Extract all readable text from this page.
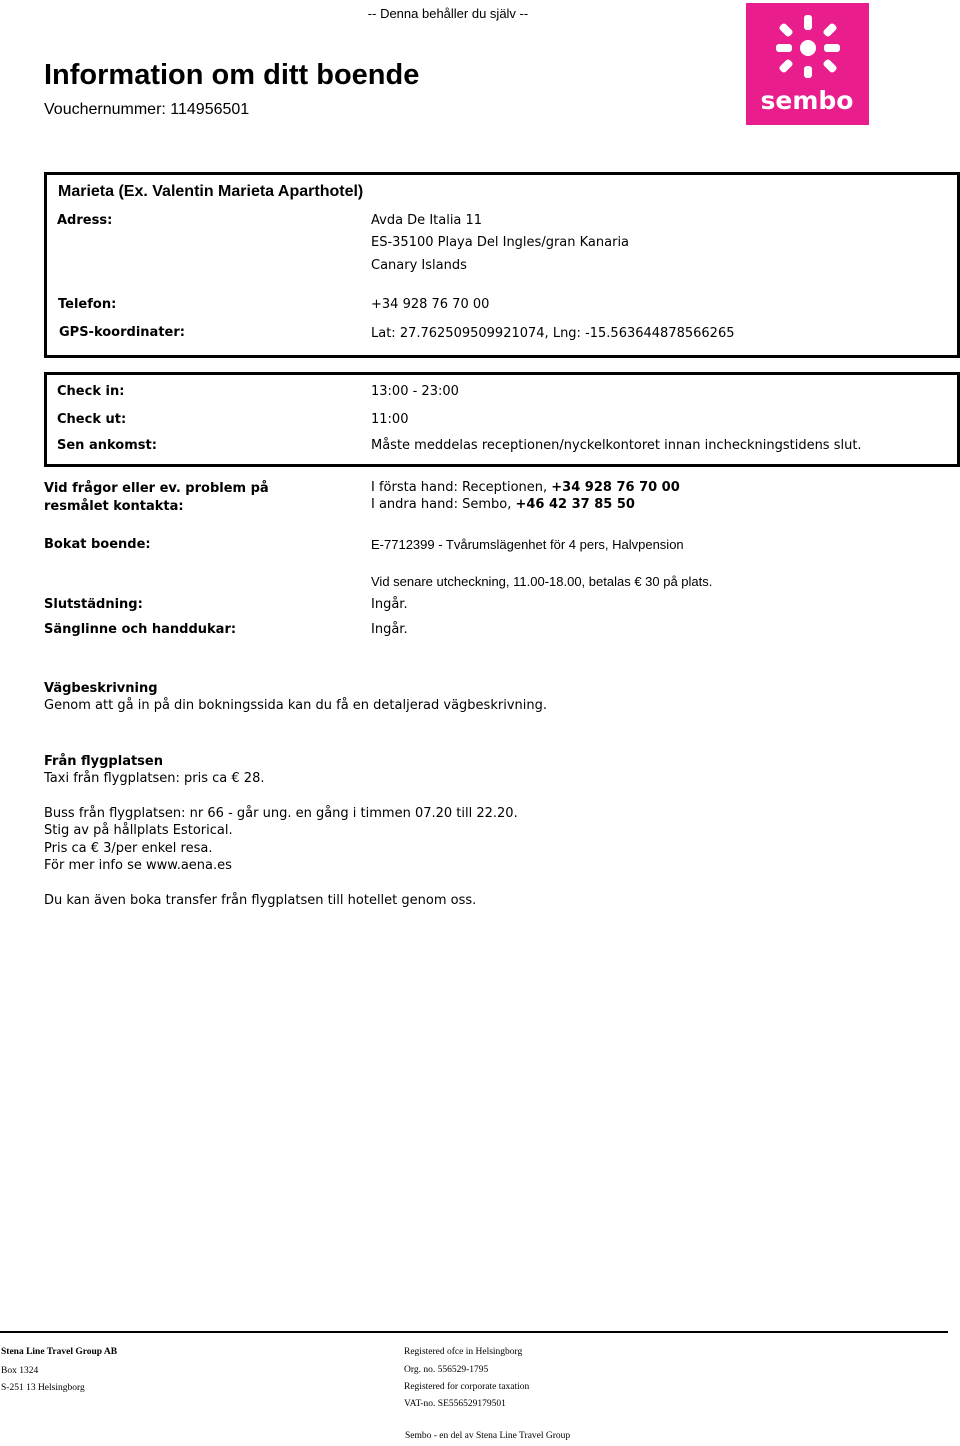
-- Denna behåller du själv --
Information om ditt boende
Vouchernummer: 114956501	sembo
Marieta (Ex. Valentin Marieta Aparthotel)
Adress:	Avda De Italia 11
ES-35100 Playa Del Ingles/gran Kanaria
Canary Islands
Telefon:	+34 928 76 70 00
GPS-koordinater:	Lat: 27.762509509921074, Lng: -15.563644878566265
Check in:	13:00 - 23:00
Check ut:	11:00
Sen ankomst:	Måste meddelas receptionen/nyckelkontoret innan incheckningstidens slut.
Vid frågor eller ev. problem på
resmålet kontakta:
I första hand: Receptionen, +34 928 76 70 00
I andra hand: Sembo, +46 42 37 85 50
Bokat boende:	E-7712399 - Tvårumslägenhet för 4 pers, Halvpension
Vid senare utcheckning, 11.00-18.00, betalas € 30 på plats.
Slutstädning:	Ingår.
Sänglinne och handdukar:	Ingår.
Vägbeskrivning
Genom att gå in på din bokningssida kan du få en detaljerad vägbeskrivning.
Från flygplatsen
Taxi från flygplatsen: pris ca € 28.
Buss från flygplatsen: nr 66 - går ung. en gång i timmen 07.20 till 22.20.
Stig av på hållplats Estorical.
Pris ca € 3/per enkel resa.
För mer info se www.aena.es
Du kan även boka transfer från flygplatsen till hotellet genom oss.
Stena Line Travel Group AB
Box 1324
S-251 13 Helsingborg
Registered ofce in Helsingborg
Org. no. 556529-1795
Registered for corporate taxation
VAT-no. SE556529179501
Sembo - en del av Stena Line Travel Group
